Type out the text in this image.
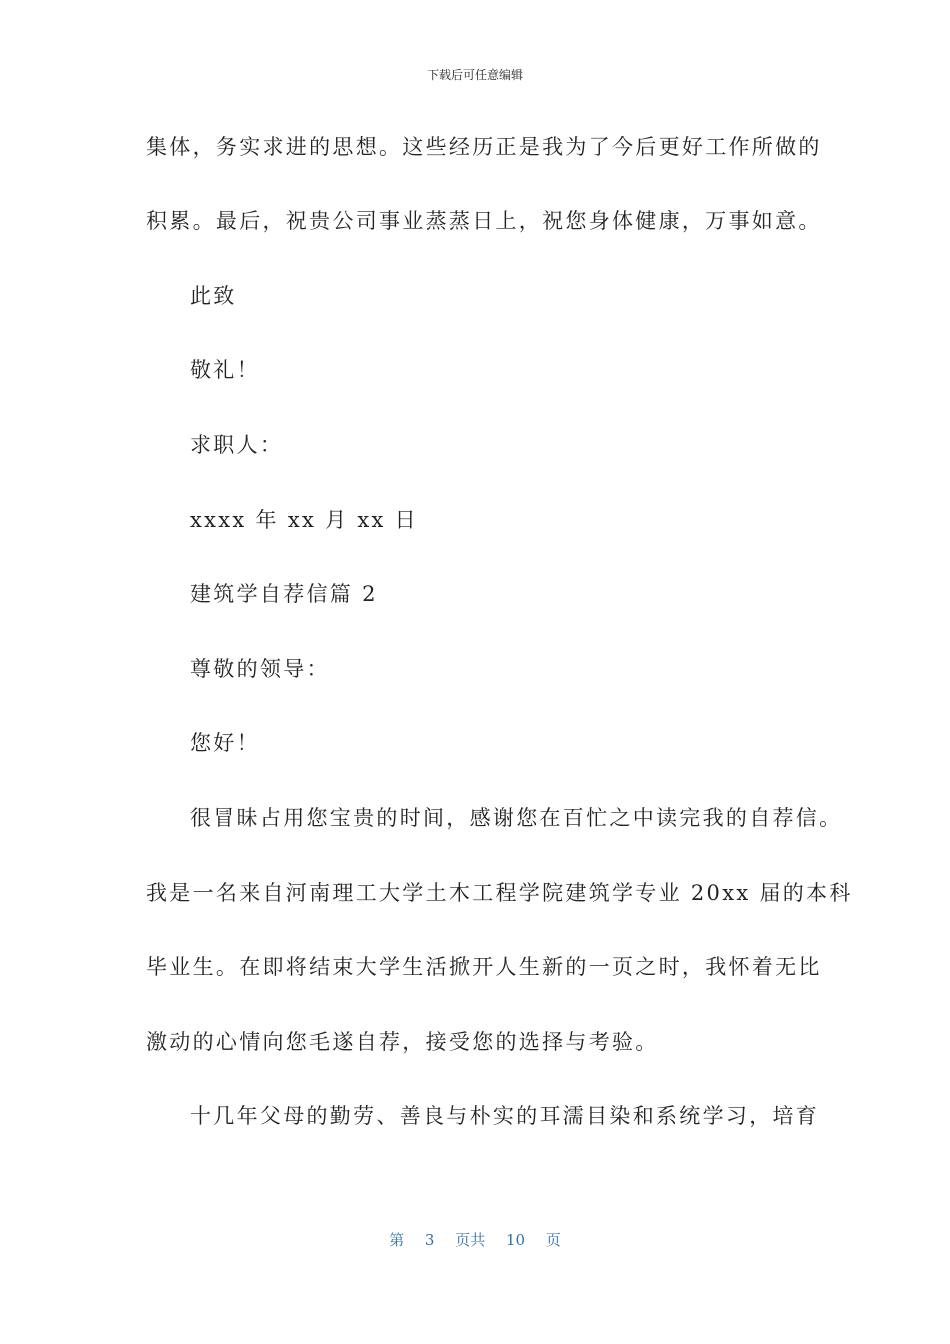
下载后可任意编辑
集体，务实求进的思想。这些经历正是我为了今后更好工作所做的
积累。最后，祝贵公司事业蒸蒸日上，祝您身体健康，万事如意。
此致
敬礼！
求职人：
xxxx 年 xx 月 xx 日
建筑学自荐信篇 2
尊敬的领导：
您好！
很冒昧占用您宝贵的时间，感谢您在百忙之中读完我的自荐信。
我是一名来自河南理工大学土木工程学院建筑学专业 20xx 届的本科
毕业生。在即将结束大学生活掀开人生新的一页之时，我怀着无比
激动的心情向您毛遂自荐，接受您的选择与考验。
十几年父母的勤劳、善良与朴实的耳濡目染和系统学习，培育
第 3 页共 10 页
